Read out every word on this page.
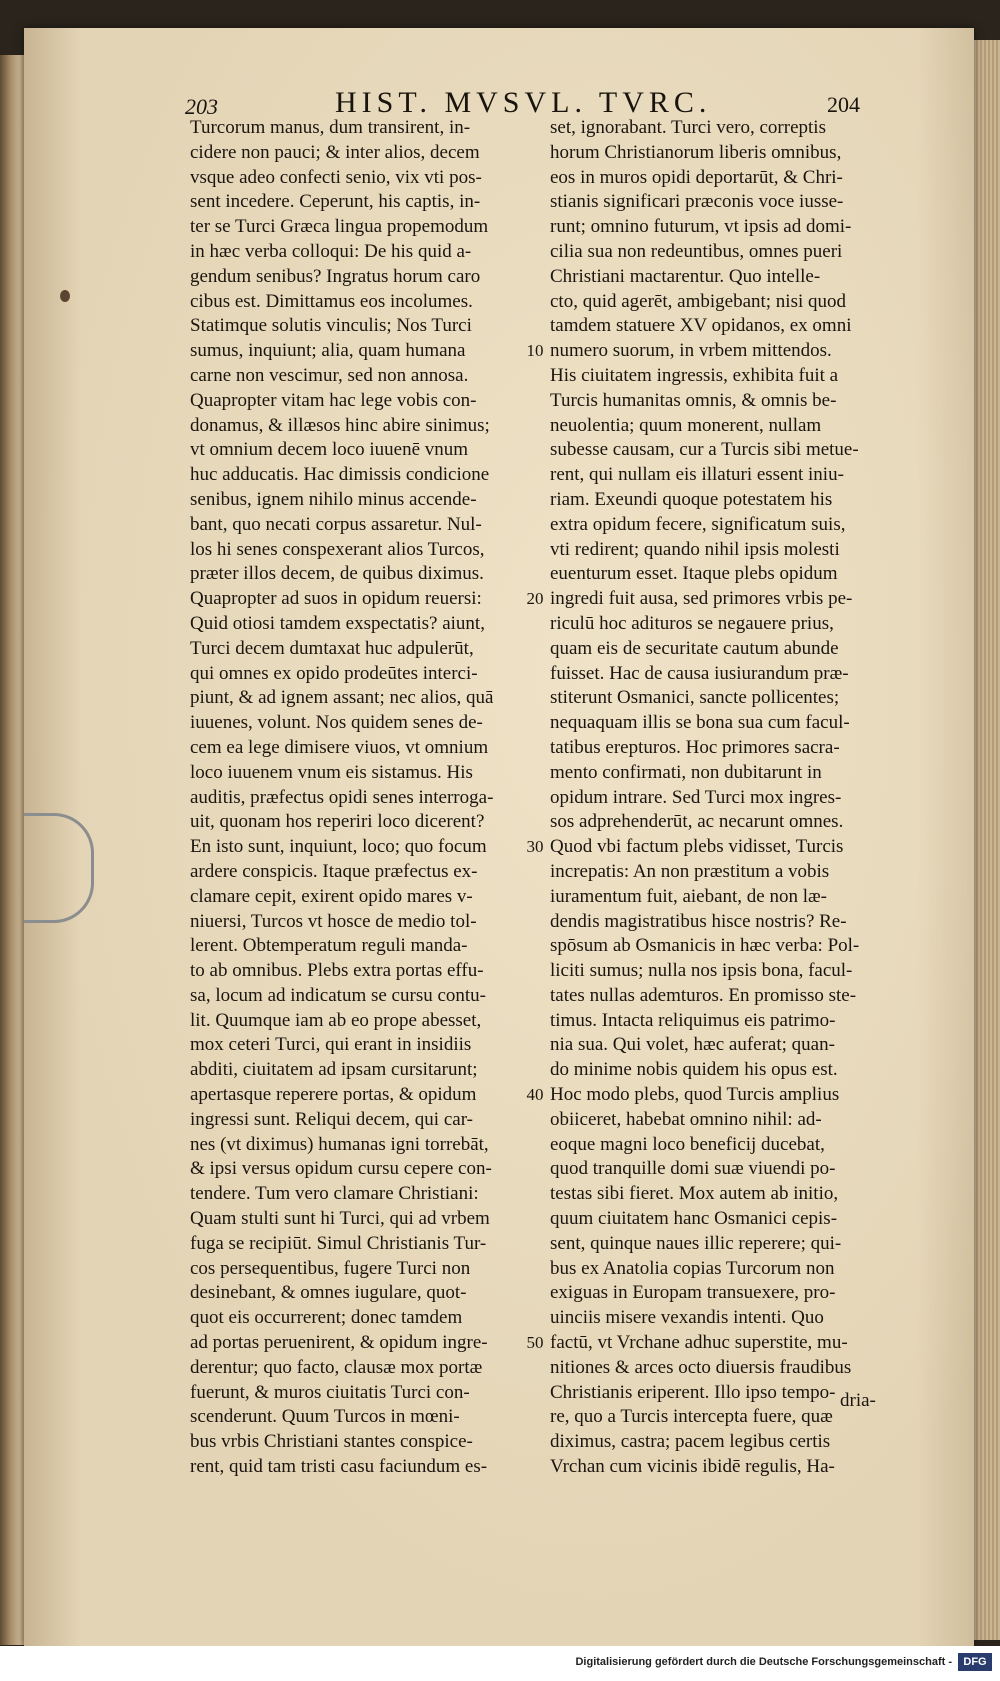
203	HIST. MVSVL. TVRC.	204
Turcorum manus, dum transirent, in-
cidere non pauci; & inter alios, decem
vsque adeo confecti senio, vix vti pos-
sent incedere. Ceperunt, his captis, in-
ter se Turci Græca lingua propemodum
in hæc verba colloqui: De his quid a-
gendum senibus? Ingratus horum caro
cibus est. Dimittamus eos incolumes.
Statimque solutis vinculis; Nos Turci
sumus, inquiunt; alia, quam humana
carne non vescimur, sed non annosa.
Quapropter vitam hac lege vobis con-
donamus, & illæsos hinc abire sinimus;
vt omnium decem loco iuuenē vnum
huc adducatis. Hac dimissis condicione
senibus, ignem nihilo minus accende-
bant, quo necati corpus assaretur. Nul-
los hi senes conspexerant alios Turcos,
præter illos decem, de quibus diximus.
Quapropter ad suos in opidum reuersi:
Quid otiosi tamdem exspectatis? aiunt,
Turci decem dumtaxat huc adpulerūt,
qui omnes ex opido prodeūtes interci-
piunt, & ad ignem assant; nec alios, quā
iuuenes, volunt. Nos quidem senes de-
cem ea lege dimisere viuos, vt omnium
loco iuuenem vnum eis sistamus. His
auditis, præfectus opidi senes interroga-
uit, quonam hos reperiri loco dicerent?
En isto sunt, inquiunt, loco; quo focum
ardere conspicis. Itaque præfectus ex-
clamare cepit, exirent opido mares v-
niuersi, Turcos vt hosce de medio tol-
lerent. Obtemperatum reguli manda-
to ab omnibus. Plebs extra portas effu-
sa, locum ad indicatum se cursu contu-
lit. Quumque iam ab eo prope abesset,
mox ceteri Turci, qui erant in insidiis
abditi, ciuitatem ad ipsam cursitarunt;
apertasque reperere portas, & opidum
ingressi sunt. Reliqui decem, qui car-
nes (vt diximus) humanas igni torrebāt,
& ipsi versus opidum cursu cepere con-
tendere. Tum vero clamare Christiani:
Quam stulti sunt hi Turci, qui ad vrbem
fuga se recipiūt. Simul Christianis Tur-
cos persequentibus, fugere Turci non
desinebant, & omnes iugulare, quot-
quot eis occurrerent; donec tamdem
ad portas peruenirent, & opidum ingre-
derentur; quo facto, clausæ mox portæ
fuerunt, & muros ciuitatis Turci con-
scenderunt. Quum Turcos in mœni-
bus vrbis Christiani stantes conspice-
rent, quid tam tristi casu faciundum es-
set, ignorabant. Turci vero, correptis
horum Christianorum liberis omnibus,
eos in muros opidi deportarūt, & Chri-
stianis significari præconis voce iusse-
runt; omnino futurum, vt ipsis ad domi-
cilia sua non redeuntibus, omnes pueri
Christiani mactarentur. Quo intelle-
cto, quid agerēt, ambigebant; nisi quod
tamdem statuere XV opidanos, ex omni
numero suorum, in vrbem mittendos.
His ciuitatem ingressis, exhibita fuit a
Turcis humanitas omnis, & omnis be-
neuolentia; quum monerent, nullam
subesse causam, cur a Turcis sibi metue-
rent, qui nullam eis illaturi essent iniu-
riam. Exeundi quoque potestatem his
extra opidum fecere, significatum suis,
vti redirent; quando nihil ipsis molesti
euenturum esset. Itaque plebs opidum
ingredi fuit ausa, sed primores vrbis pe-
riculū hoc adituros se negauere prius,
quam eis de securitate cautum abunde
fuisset. Hac de causa iusiurandum præ-
stiterunt Osmanici, sancte pollicentes;
nequaquam illis se bona sua cum facul-
tatibus erepturos. Hoc primores sacra-
mento confirmati, non dubitarunt in
opidum intrare. Sed Turci mox ingres-
sos adprehenderūt, ac necarunt omnes.
Quod vbi factum plebs vidisset, Turcis
increpatis: An non præstitum a vobis
iuramentum fuit, aiebant, de non læ-
dendis magistratibus hisce nostris? Re-
spōsum ab Osmanicis in hæc verba: Pol-
liciti sumus; nulla nos ipsis bona, facul-
tates nullas ademturos. En promisso ste-
timus. Intacta reliquimus eis patrimo-
nia sua. Qui volet, hæc auferat; quan-
do minime nobis quidem his opus est.
Hoc modo plebs, quod Turcis amplius
obiiceret, habebat omnino nihil: ad-
eoque magni loco beneficij ducebat,
quod tranquille domi suæ viuendi po-
testas sibi fieret. Mox autem ab initio,
quum ciuitatem hanc Osmanici cepis-
sent, quinque naues illic reperere; qui-
bus ex Anatolia copias Turcorum non
exiguas in Europam transuexere, pro-
uinciis misere vexandis intenti. Quo
factū, vt Vrchane adhuc superstite, mu-
nitiones & arces octo diuersis fraudibus
Christianis eriperent. Illo ipso tempo-
re, quo a Turcis intercepta fuere, quæ
diximus, castra; pacem legibus certis
Vrchan cum vicinis ibidē regulis, Ha-
10
20
30
40
50
dria-
Digitalisierung gefördert durch die Deutsche Forschungsgemeinschaft -	DFG
